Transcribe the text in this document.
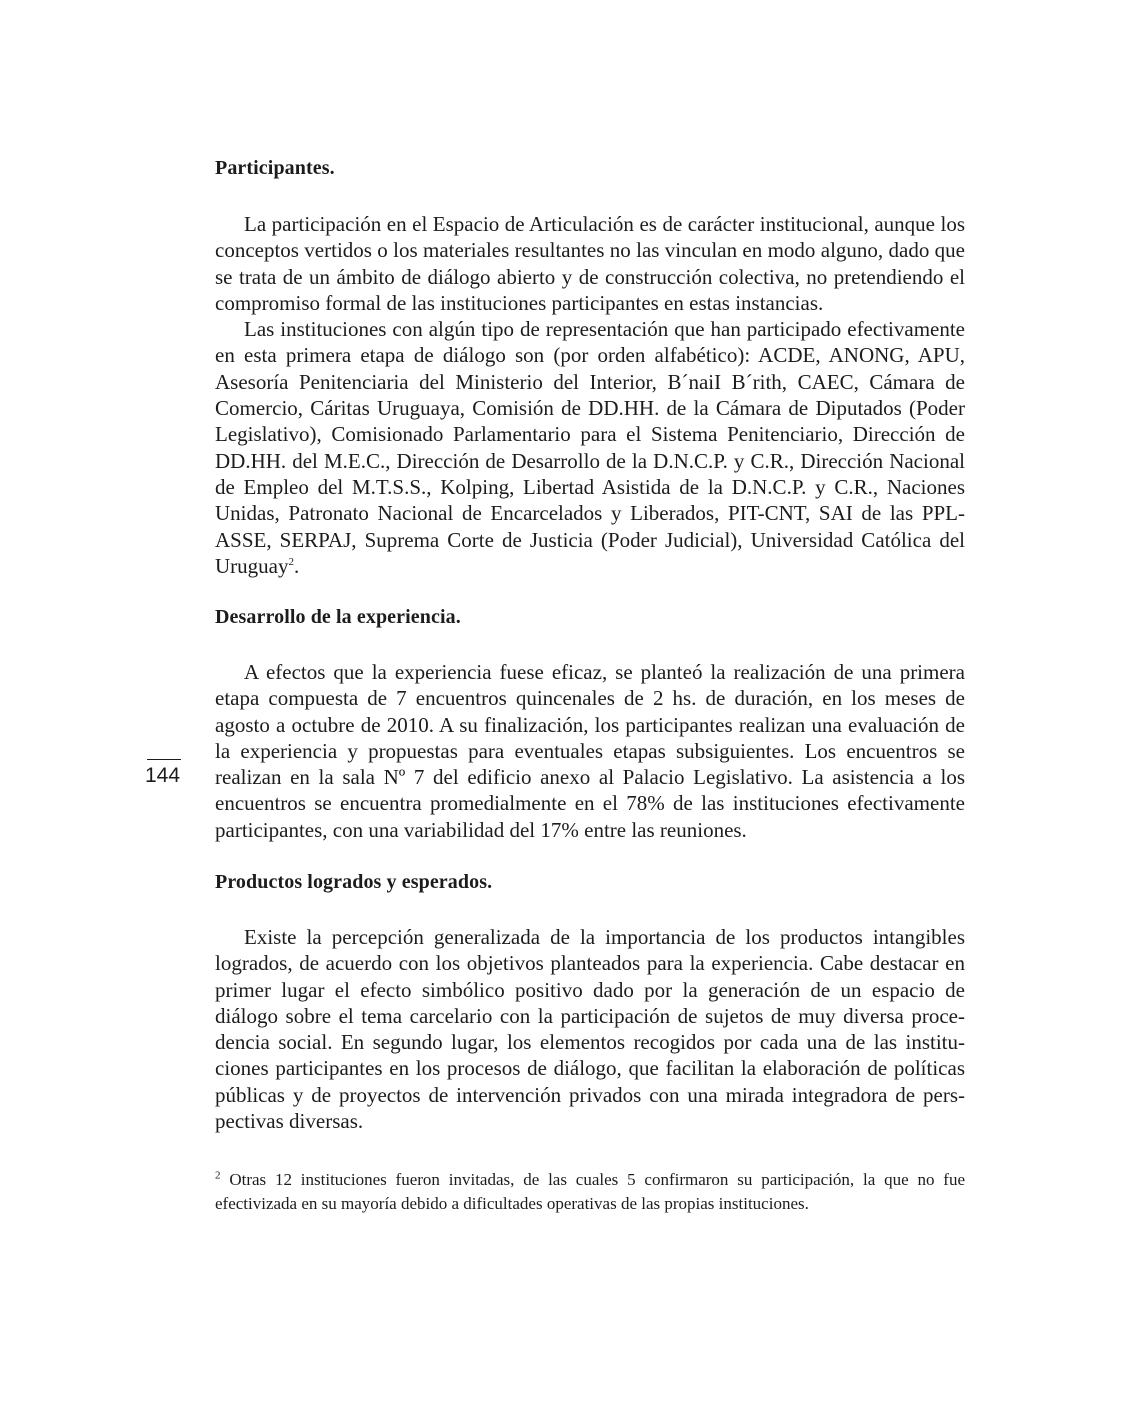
Participantes.

La participación en el Espacio de Articulación es de carácter institucional, aunque los conceptos vertidos o los materiales resultantes no las vinculan en modo alguno, dado que se trata de un ámbito de diálogo abierto y de construcción colectiva, no pretendiendo el compromiso formal de las instituciones participantes en estas instancias.

Las instituciones con algún tipo de representación que han participado efectivamente en esta primera etapa de diálogo son (por orden alfabético): ACDE, ANONG, APU, Asesoría Penitenciaria del Ministerio del Interior, B´naiI B´rith, CAEC, Cámara de Comercio, Cáritas Uruguaya, Comisión de DD.HH. de la Cámara de Diputados (Poder Legislativo), Comisionado Parlamentario para el Sistema Penitenciario, Dirección de DD.HH. del M.E.C., Dirección de Desarrollo de la D.N.C.P. y C.R., Dirección Nacional de Empleo del M.T.S.S., Kolping, Libertad Asistida de la D.N.C.P. y C.R., Naciones Unidas, Patronato Nacional de Encarcelados y Liberados, PIT-CNT, SAI de las PPL-ASSE, SERPAJ, Suprema Corte de Justicia (Poder Judicial), Universidad Católica del Uruguay$^2$.

Desarrollo de la experiencia.

A efectos que la experiencia fuese eficaz, se planteó la realización de una primera etapa compuesta de 7 encuentros quincenales de 2 hs. de duración, en los meses de agosto a octubre de 2010. A su finalización, los participantes realizan una evaluación de la experiencia y propuestas para eventuales etapas subsiguientes. Los encuentros se realizan en la sala Nº 7 del edificio anexo al Palacio Legislativo. La asistencia a los encuentros se encuentra promedialmente en el 78% de las instituciones efectivamente participantes, con una variabilidad del 17% entre las reuniones.

Productos logrados y esperados.

Existe la percepción generalizada de la importancia de los productos intangibles logrados, de acuerdo con los objetivos planteados para la experiencia. Cabe destacar en primer lugar el efecto simbólico positivo dado por la generación de un espacio de diálogo sobre el tema carcelario con la participación de sujetos de muy diversa procedencia social. En segundo lugar, los elementos recogidos por cada una de las instituciones participantes en los procesos de diálogo, que facilitan la elaboración de políticas públicas y de proyectos de intervención privados con una mirada integradora de perspectivas diversas.

$^2$ Otras 12 instituciones fueron invitadas, de las cuales 5 confirmaron su participación, la que no fue efectivizada en su mayoría debido a dificultades operativas de las propias instituciones.
144
